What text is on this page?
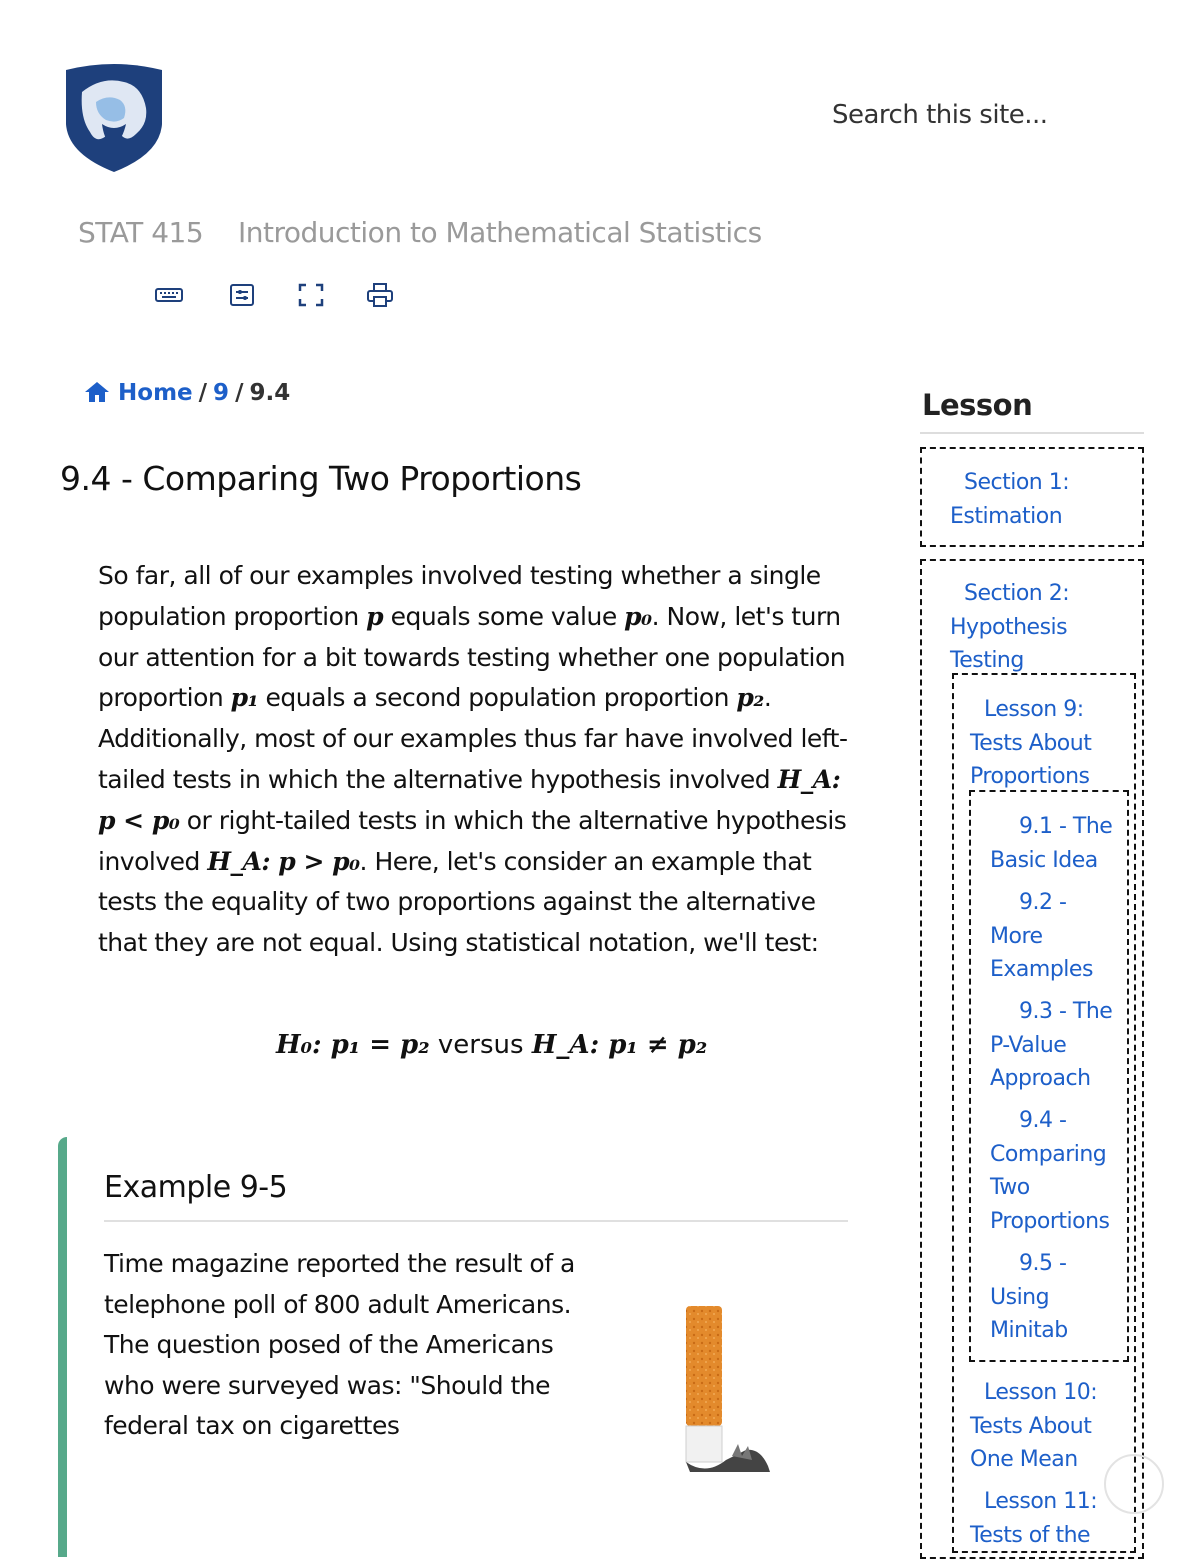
Search this site...
STAT 415 Introduction to Mathematical Statistics
Home / 9 / 9.4
9.4 - Comparing Two Proportions

So far, all of our examples involved testing whether a single population proportion p equals some value p₀. Now, let's turn our attention for a bit towards testing whether one population proportion p₁ equals a second population proportion p₂. Additionally, most of our examples thus far have involved left-tailed tests in which the alternative hypothesis involved H_A: p < p₀ or right-tailed tests in which the alternative hypothesis involved H_A: p > p₀. Here, let's consider an example that tests the equality of two proportions against the alternative that they are not equal. Using statistical notation, we'll test:

H₀: p₁ = p₂ versus H_A: p₁ ≠ p₂
Example 9-5

Time magazine reported the result of a telephone poll of 800 adult Americans. The question posed of the Americans who were surveyed was: "Should the federal tax on cigarettes

Lesson
Section 1: Estimation
Section 2: Hypothesis Testing
Lesson 9: Tests About Proportions
9.1 - The Basic Idea
9.2 - More Examples
9.3 - The P-Value Approach
9.4 - Comparing Two Proportions
9.5 - Using Minitab
Lesson 10: Tests About One Mean
Lesson 11: Tests of the
